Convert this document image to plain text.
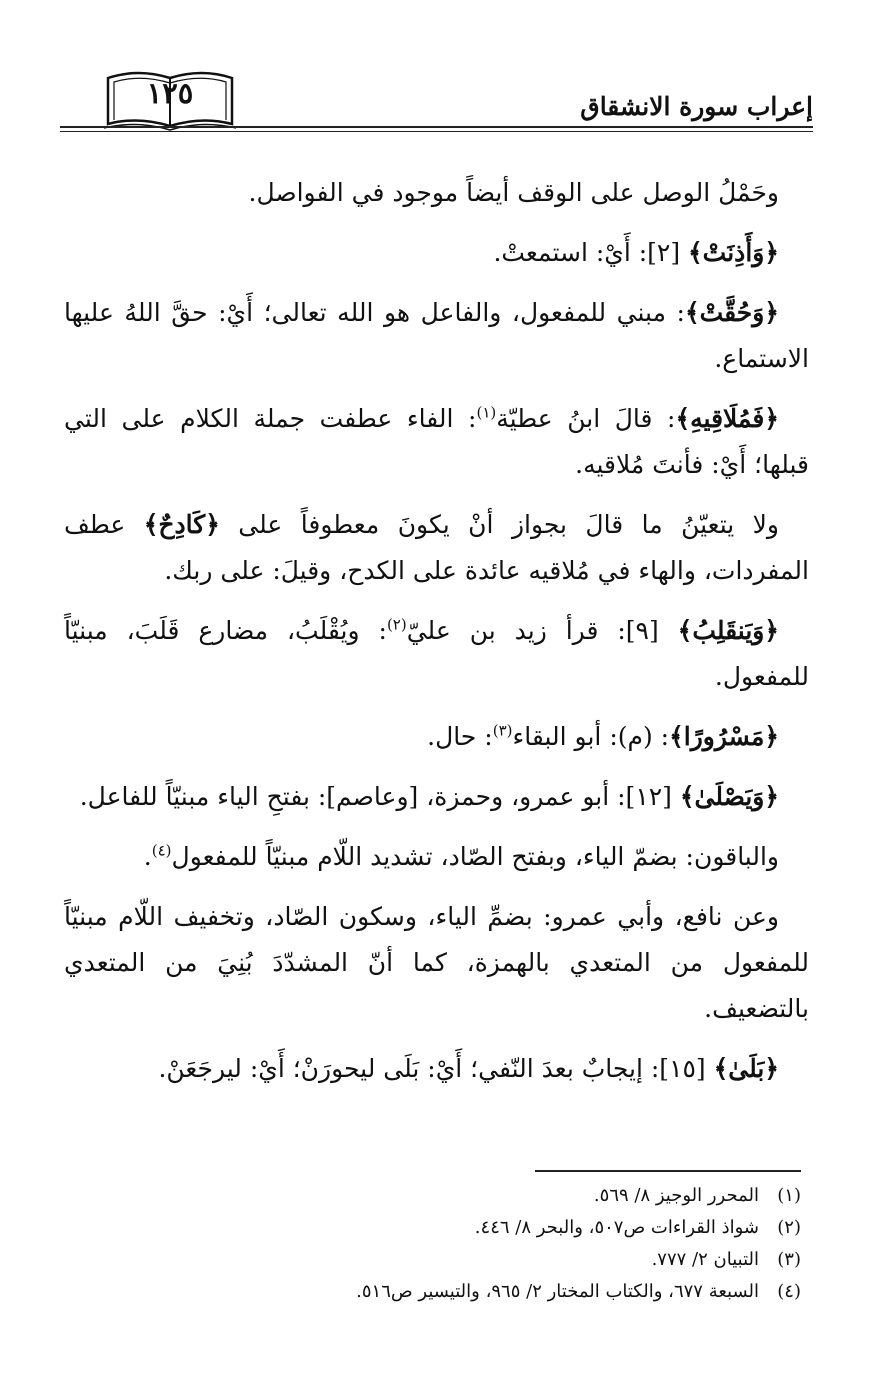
إعراب سورة الانشقاق
١٢٥

وحَمْلُ الوصل على الوقف أيضاً موجود في الفواصل.

﴿وَأَذِنَتْ﴾ [٢]: أَيْ: استمعتْ.

﴿وَحُقَّتْ﴾: مبني للمفعول، والفاعل هو الله تعالى؛ أَيْ: حقَّ اللهُ عليها الاستماع.

﴿فَمُلَاقِيهِ﴾: قالَ ابنُ عطيّة$^{(١)}$: الفاء عطفت جملة الكلام على التي قبلها؛ أَيْ: فأنتَ مُلاقيه.

ولا يتعيّنُ ما قالَ بجواز أنْ يكونَ معطوفاً على ﴿كَادِحٌ﴾ عطف المفردات، والهاء في مُلاقيه عائدة على الكدح، وقيلَ: على ربك.

﴿وَيَنقَلِبُ﴾ [٩]: قرأ زيد بن عليّ$^{(٢)}$: ويُقْلَبُ، مضارع قَلَبَ، مبنيّاً للمفعول.

﴿مَسْرُورًا﴾: (م): أبو البقاء$^{(٣)}$: حال.

﴿وَيَصْلَىٰ﴾ [١٢]: أبو عمرو، وحمزة، [وعاصم]: بفتحِ الياء مبنيّاً للفاعل.

والباقون: بضمّ الياء، وبفتح الصّاد، تشديد اللّام مبنيّاً للمفعول$^{(٤)}$.

وعن نافع، وأبي عمرو: بضمِّ الياء، وسكون الصّاد، وتخفيف اللّام مبنيّاً للمفعول من المتعدي بالهمزة، كما أنّ المشدّدَ بُنِيَ من المتعدي بالتضعيف.

﴿بَلَىٰ﴾ [١٥]: إيجابٌ بعدَ النّفي؛ أَيْ: بَلَى ليحورَنْ؛ أَيْ: ليرجَعَنْ.

(١)المحرر الوجيز ٨/ ٥٦٩.
(٢)شواذ القراءات ص٥٠٧، والبحر ٨/ ٤٤٦.
(٣)التبيان ٢/ ٧٧٧.
(٤)السبعة ٦٧٧، والكتاب المختار ٢/ ٩٦٥، والتيسير ص٥١٦.
